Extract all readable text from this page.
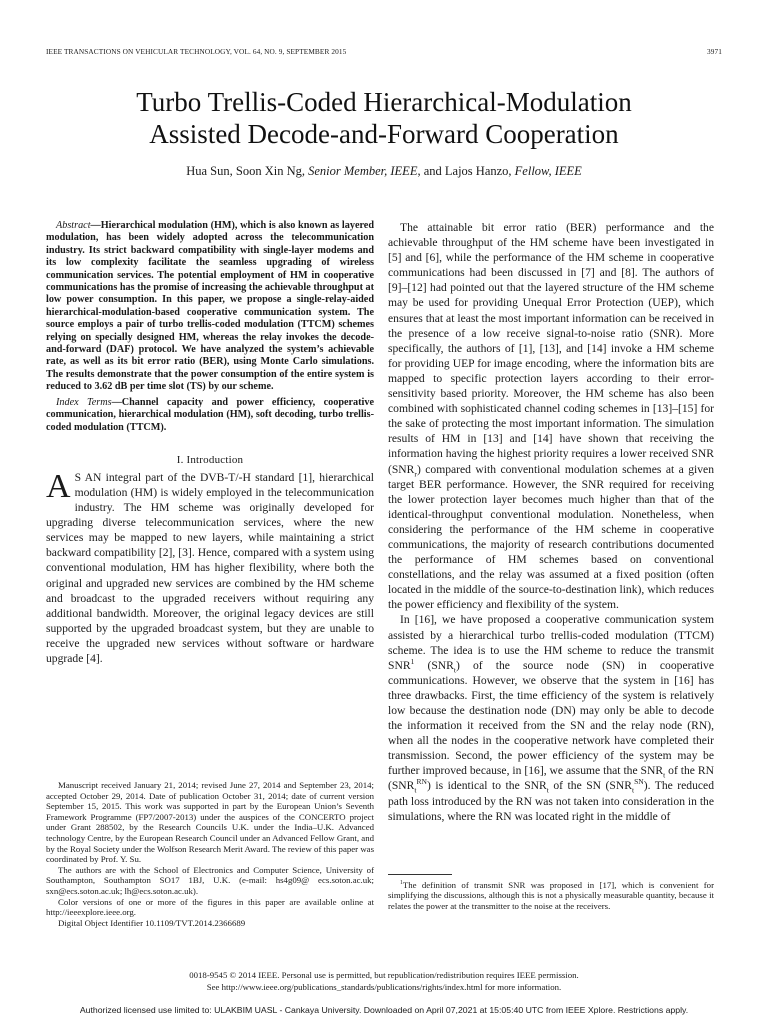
IEEE TRANSACTIONS ON VEHICULAR TECHNOLOGY, VOL. 64, NO. 9, SEPTEMBER 2015	3971
Turbo Trellis-Coded Hierarchical-Modulation
Assisted Decode-and-Forward Cooperation
Hua Sun, Soon Xin Ng, Senior Member, IEEE, and Lajos Hanzo, Fellow, IEEE

Abstract—Hierarchical modulation (HM), which is also known as layered modulation, has been widely adopted across the telecommunication industry. Its strict backward compatibility with single-layer modems and its low complexity facilitate the seamless upgrading of wireless communication services. The potential employment of HM in cooperative communications has the promise of increasing the achievable throughput at low power consumption. In this paper, we propose a single-relay-aided hierarchical-modulation-based cooperative communication system. The source employs a pair of turbo trellis-coded modulation (TTCM) schemes relying on specially designed HM, whereas the relay invokes the decode-and-forward (DAF) protocol. We have analyzed the system’s achievable rate, as well as its bit error ratio (BER), using Monte Carlo simulations. The results demonstrate that the power consumption of the entire system is reduced to 3.62 dB per time slot (TS) by our scheme.

Index Terms—Channel capacity and power efficiency, cooperative communication, hierarchical modulation (HM), soft decoding, turbo trellis-coded modulation (TTCM).

I. Introduction

A S AN integral part of the DVB-T/-H standard [1], hierarchical modulation (HM) is widely employed in the telecommunication industry. The HM scheme was originally developed for upgrading diverse telecommunication services, where the new services may be mapped to new layers, while maintaining a strict backward compatibility [2], [3]. Hence, compared with a system using conventional modulation, HM has higher flexibility, where both the original and upgraded new services are combined by the HM scheme and broadcast to the upgraded receivers without requiring any additional bandwidth. Moreover, the original legacy devices are still supported by the upgraded broadcast system, but they are unable to receive the upgraded new services without software or hardware upgrade [4].

The attainable bit error ratio (BER) performance and the achievable throughput of the HM scheme have been investigated in [5] and [6], while the performance of the HM scheme in cooperative communications had been discussed in [7] and [8]. The authors of [9]–[12] had pointed out that the layered structure of the HM scheme may be used for providing Unequal Error Protection (UEP), which ensures that at least the most important information can be received in the presence of a low receive signal-to-noise ratio (SNR). More specifically, the authors of [1], [13], and [14] invoke a HM scheme for providing UEP for image encoding, where the information bits are mapped to specific protection layers according to their error-sensitivity based priority. Moreover, the HM scheme has also been combined with sophisticated channel coding schemes in [13]–[15] for the sake of protecting the most important information. The simulation results of HM in [13] and [14] have shown that receiving the information having the highest priority requires a lower received SNR $(SNR_r)$ compared with conventional modulation schemes at a given target BER performance. However, the SNR required for receiving the lower protection layer becomes much higher than that of the identical-throughput conventional modulation. Nonetheless, when considering the performance of the HM scheme in cooperative communications, the majority of research contributions documented the performance of HM schemes based on conventional constellations, and the relay was assumed at a fixed position (often located in the middle of the source-to-destination link), which reduces the power efficiency and flexibility of the system.

In [16], we have proposed a cooperative communication system assisted by a hierarchical turbo trellis-coded modulation (TTCM) scheme. The idea is to use the HM scheme to reduce the transmit SNR$^1$ $(SNR_t)$ of the source node (SN) in cooperative communications. However, we observe that the system in [16] has three drawbacks. First, the time efficiency of the system is relatively low because the destination node (DN) may only be able to decode the information it received from the SN and the relay node (RN), when all the nodes in the cooperative network have completed their transmission. Second, the power efficiency of the system may be further improved because, in [16], we assume that the $SNR_t$ of the RN $(SNR_t^{RN})$ is identical to the $SNR_t$ of the SN $(SNR_t^{SN})$. The reduced path loss introduced by the RN was not taken into consideration in the simulations, where the RN was located right in the middle of

Manuscript received January 21, 2014; revised June 27, 2014 and September 23, 2014; accepted October 29, 2014. Date of publication October 31, 2014; date of current version September 15, 2015. This work was supported in part by the European Union’s Seventh Framework Programme (FP7/2007-2013) under the auspices of the CONCERTO project under Grant 288502, by the Research Councils U.K. under the India–U.K. Advanced technology Centre, by the European Research Council under an Advanced Fellow Grant, and by the Royal Society under the Wolfson Research Merit Award. The review of this paper was coordinated by Prof. Y. Su.

The authors are with the School of Electronics and Computer Science, University of Southampton, Southampton SO17 1BJ, U.K. (e-mail: hs4g09@ ecs.soton.ac.uk; sxn@ecs.soton.ac.uk; lh@ecs.soton.ac.uk).

Color versions of one or more of the figures in this paper are available online at http://ieeexplore.ieee.org.

Digital Object Identifier 10.1109/TVT.2014.2366689

$^1$The definition of transmit SNR was proposed in [17], which is convenient for simplifying the discussions, although this is not a physically measurable quantity, because it relates the power at the transmitter to the noise at the receivers.

0018-9545 © 2014 IEEE. Personal use is permitted, but republication/redistribution requires IEEE permission.
See http://www.ieee.org/publications_standards/publications/rights/index.html for more information.
Authorized licensed use limited to: ULAKBIM UASL - Cankaya University. Downloaded on April 07,2021 at 15:05:40 UTC from IEEE Xplore. Restrictions apply.
